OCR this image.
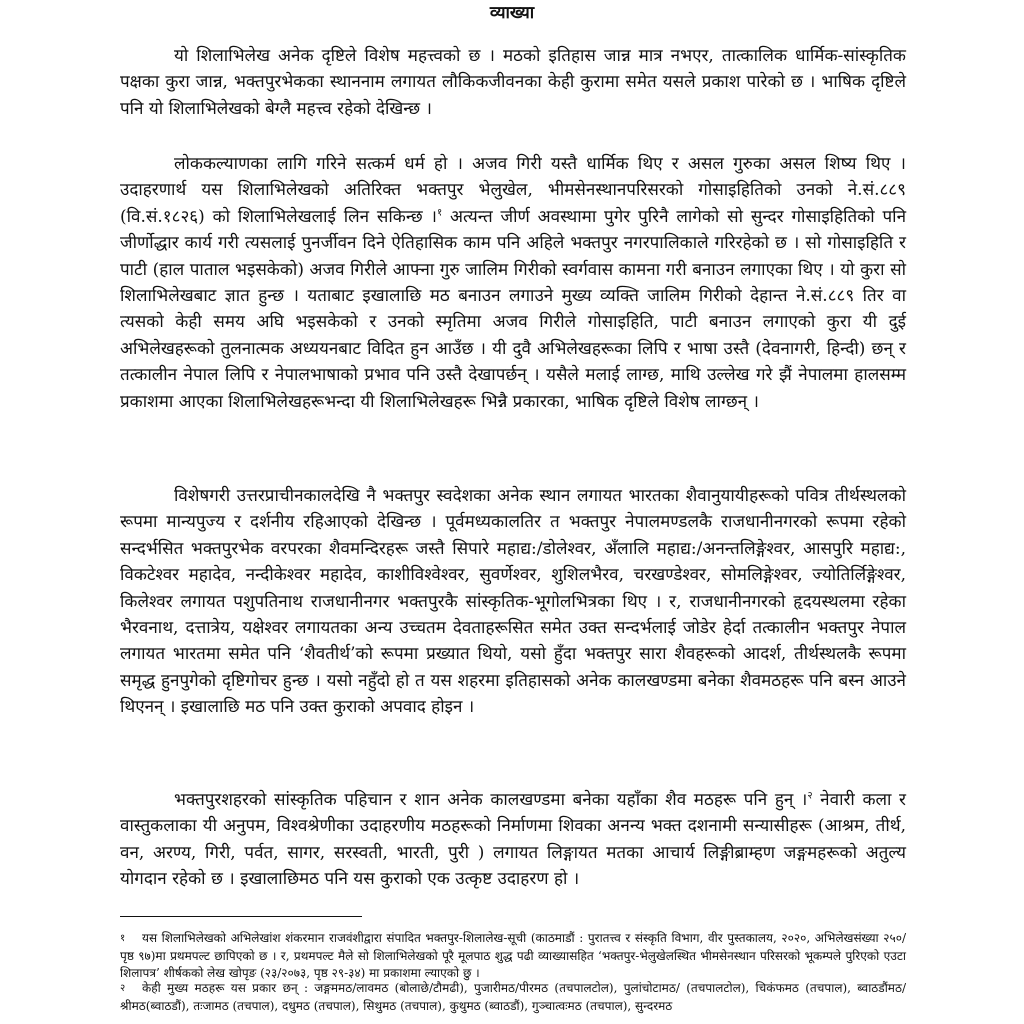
व्याख्या

यो शिलाभिलेख अनेक दृष्टिले विशेष महत्त्वको छ । मठको इतिहास जान्न मात्र नभएर, तात्कालिक धार्मिक-सांस्कृतिक पक्षका कुरा जान्न, भक्तपुरभेकका स्थाननाम लगायत लौकिकजीवनका केही कुरामा समेत यसले प्रकाश पारेको छ । भाषिक दृष्टिले पनि यो शिलाभिलेखको बेग्लै महत्त्व रहेको देखिन्छ ।

लोककल्याणका लागि गरिने सत्कर्म धर्म हो । अजव गिरी यस्तै धार्मिक थिए र असल गुरुका असल शिष्य थिए । उदाहरणार्थ यस शिलाभिलेखको अतिरिक्त भक्तपुर भेलुखेल, भीमसेनस्थानपरिसरको गोसाइहितिको उनको ने.सं.८८९ (वि.सं.१८२६) को शिलाभिलेखलाई लिन सकिन्छ ।$^१$ अत्यन्त जीर्ण अवस्थामा पुगेर पुरिनै लागेको सो सुन्दर गोसाइहितिको पनि जीर्णोद्धार कार्य गरी त्यसलाई पुनर्जीवन दिने ऐतिहासिक काम पनि अहिले भक्तपुर नगरपालिकाले गरिरहेको छ । सो गोसाइहिति र पाटी (हाल पाताल भइसकेको) अजव गिरीले आफ्ना गुरु जालिम गिरीको स्वर्गवास कामना गरी बनाउन लगाएका थिए । यो कुरा सो शिलाभिलेखबाट ज्ञात हुन्छ । यताबाट इखालाछि मठ बनाउन लगाउने मुख्य व्यक्ति जालिम गिरीको देहान्त ने.सं.८८९ तिर वा त्यसको केही समय अघि भइसकेको र उनको स्मृतिमा अजव गिरीले गोसाइहिति, पाटी बनाउन लगाएको कुरा यी दुई अभिलेखहरूको तुलनात्मक अध्ययनबाट विदित हुन आउँछ । यी दुवै अभिलेखहरूका लिपि र भाषा उस्तै (देवनागरी, हिन्दी) छन् र तत्कालीन नेपाल लिपि र नेपालभाषाको प्रभाव पनि उस्तै देखापर्छन् । यसैले मलाई लाग्छ, माथि उल्लेख गरे झैं नेपालमा हालसम्म प्रकाशमा आएका शिलाभिलेखहरूभन्दा यी शिलाभिलेखहरू भिन्नै प्रकारका, भाषिक दृष्टिले विशेष लाग्छन् ।

विशेषगरी उत्तरप्राचीनकालदेखि नै भक्तपुर स्वदेशका अनेक स्थान लगायत भारतका शैवानुयायीहरूको पवित्र तीर्थस्थलको रूपमा मान्यपुज्य र दर्शनीय रहिआएको देखिन्छ । पूर्वमध्यकालतिर त भक्तपुर नेपालमण्डलकै राजधानीनगरको रूपमा रहेको सन्दर्भसित भक्तपुरभेक वरपरका शैवमन्दिरहरू जस्तै सिपारे महाद्य:/डोलेश्वर, अँलालि महाद्य:/अनन्तलिङ्गेश्वर, आसपुरि महाद्य:, विकटेश्वर महादेव, नन्दीकेश्वर महादेव, काशीविश्वेश्वर, सुवर्णेश्वर, शुशिलभैरव, चरखण्डेश्वर, सोमलिङ्गेश्वर, ज्योतिर्लिङ्गेश्वर, किलेश्वर लगायत पशुपतिनाथ राजधानीनगर भक्तपुरकै सांस्कृतिक-भूगोलभित्रका थिए । र, राजधानीनगरको हृदयस्थलमा रहेका भैरवनाथ, दत्तात्रेय, यक्षेश्वर लगायतका अन्य उच्चतम देवताहरूसित समेत उक्त सन्दर्भलाई जोडेर हेर्दा तत्कालीन भक्तपुर नेपाल लगायत भारतमा समेत पनि ‘शैवतीर्थ’को रूपमा प्रख्यात थियो, यसो हुँदा भक्तपुर सारा शैवहरूको आदर्श, तीर्थस्थलकै रूपमा समृद्ध हुनपुगेको दृष्टिगोचर हुन्छ । यसो नहुँदो हो त यस शहरमा इतिहासको अनेक कालखण्डमा बनेका शैवमठहरू पनि बस्न आउने थिएनन् । इखालाछि मठ पनि उक्त कुराको अपवाद होइन ।

भक्तपुरशहरको सांस्कृतिक पहिचान र शान अनेक कालखण्डमा बनेका यहाँका शैव मठहरू पनि हुन् ।$^२$ नेवारी कला र वास्तुकलाका यी अनुपम, विश्वश्रेणीका उदाहरणीय मठहरूको निर्माणमा शिवका अनन्य भक्त दशनामी सन्यासीहरू (आश्रम, तीर्थ, वन, अरण्य, गिरी, पर्वत, सागर, सरस्वती, भारती, पुरी ) लगायत लिङ्गायत मतका आचार्य लिङ्गीब्राम्हण जङ्गमहरूको अतुल्य योगदान रहेको छ । इखालाछिमठ पनि यस कुराको एक उत्कृष्ट उदाहरण हो ।

१ यस शिलाभिलेखको अभिलेखांश शंकरमान राजवंशीद्वारा संपादित भक्तपुर-शिलालेख-सूची (काठमाडौं : पुरातत्त्व र संस्कृति विभाग, वीर पुस्तकालय, २०२०, अभिलेखसंख्या २५०/पृष्ठ ९७)मा प्रथमपल्ट छापिएको छ । र, प्रथमपल्ट मैले सो शिलाभिलेखको पूरै मूलपाठ शुद्ध पढी व्याख्यासहित ‘भक्तपुर-भेलुखेलस्थित भीमसेनस्थान परिसरको भूकम्पले पुरिएको एउटा शिलापत्र’ शीर्षकको लेख खोपृङ (२३/२०७३, पृष्ठ २९-३४) मा प्रकाशमा ल्याएको छु ।

२ केही मुख्य मठहरू यस प्रकार छन् : जङ्गममठ/लावमठ (बोलाछे/टौमढी), पुजारीमठ/पीरमठ (तचपालटोल), पुलांचोटामठ/ (तचपालटोल), चिकंफमठ (तचपाल), ब्वाठडौंमठ/श्रीमठ(ब्वाठडौं), तःजामठ (तचपाल), दधुमठ (तचपाल), सिथुमठ (तचपाल), कुथुमठ (ब्वाठडौं), गुञ्चात्वःमठ (तचपाल), सुन्दरमठ
